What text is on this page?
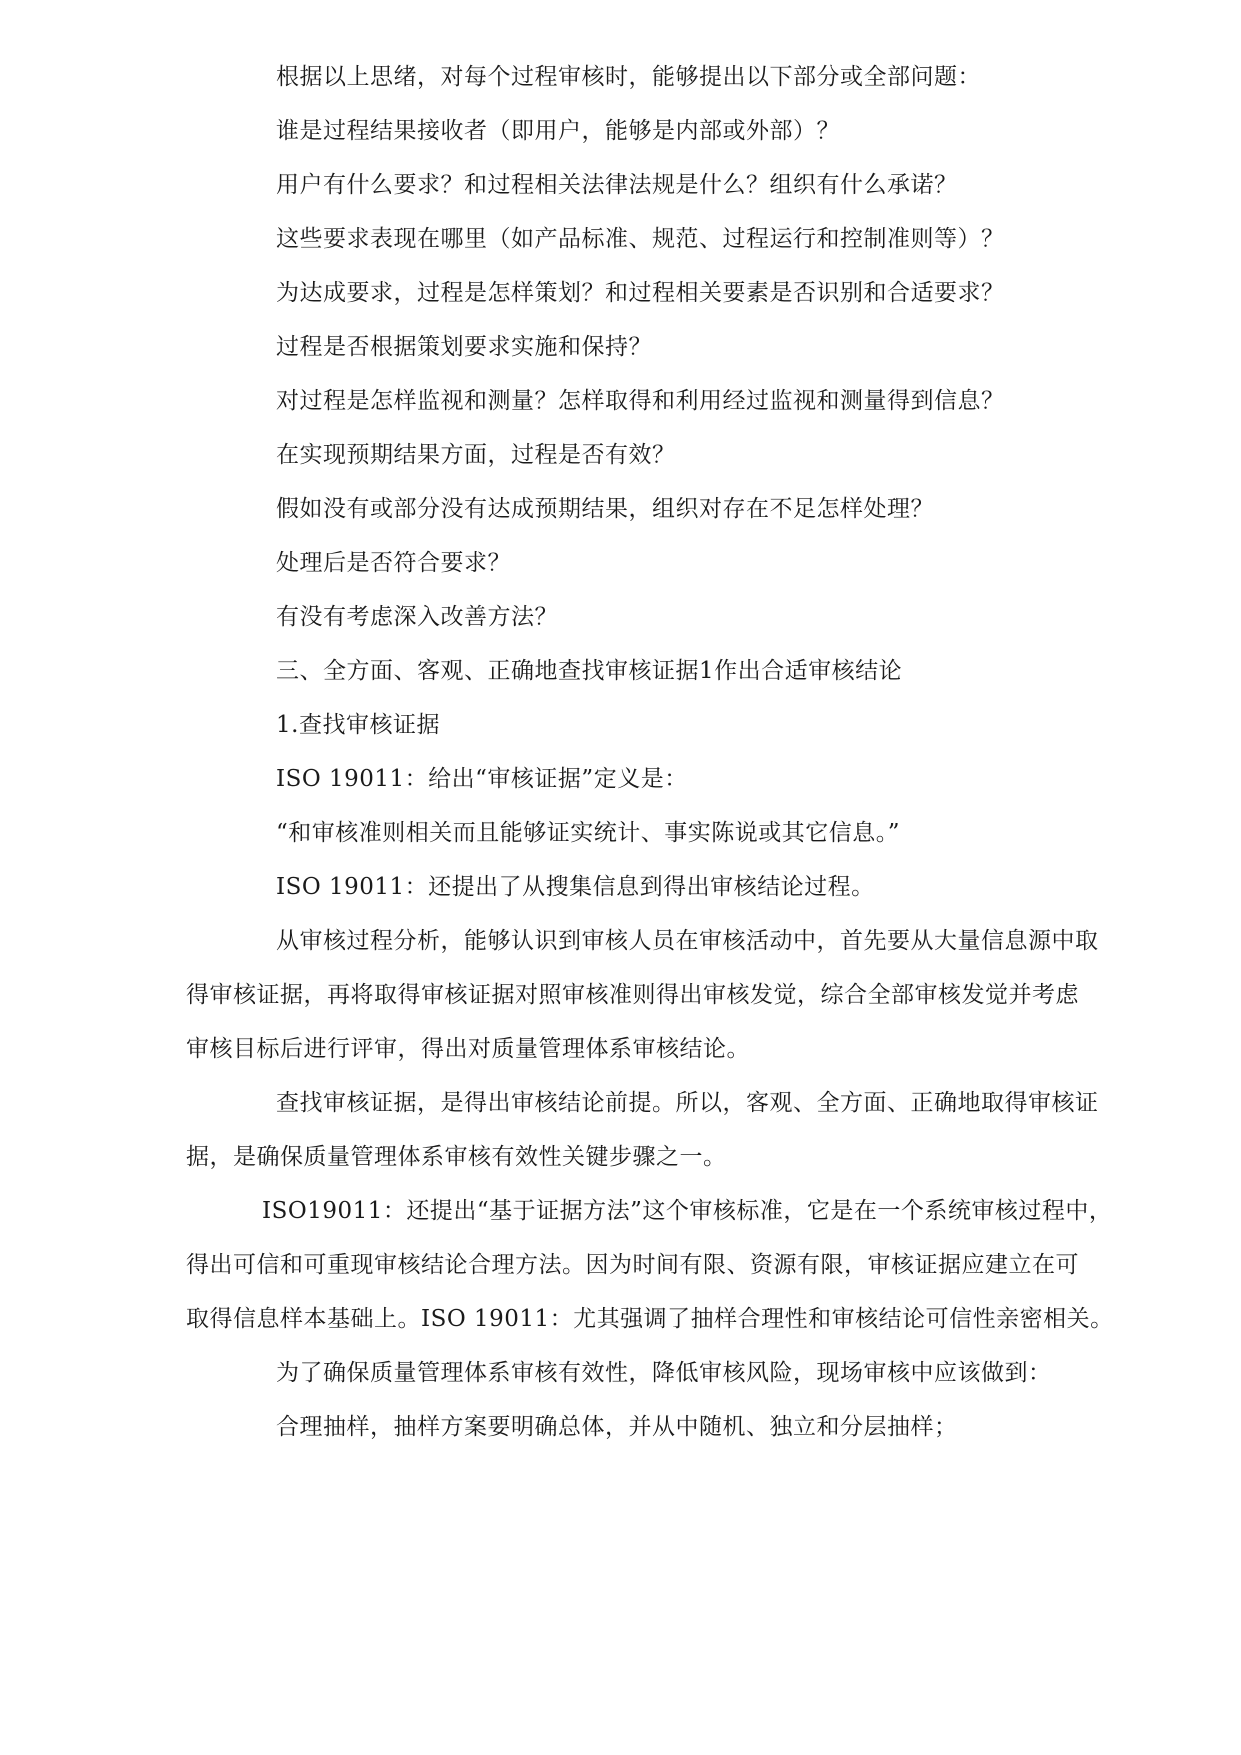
根据以上思绪，对每个过程审核时，能够提出以下部分或全部问题：
谁是过程结果接收者（即用户，能够是内部或外部）？
用户有什么要求？和过程相关法律法规是什么？组织有什么承诺？
这些要求表现在哪里（如产品标准、规范、过程运行和控制准则等）？
为达成要求，过程是怎样策划？和过程相关要素是否识别和合适要求？
过程是否根据策划要求实施和保持？
对过程是怎样监视和测量？怎样取得和利用经过监视和测量得到信息？
在实现预期结果方面，过程是否有效？
假如没有或部分没有达成预期结果，组织对存在不足怎样处理？
处理后是否符合要求？
有没有考虑深入改善方法？
三、全方面、客观、正确地查找审核证据1作出合适审核结论
1.查找审核证据
ISO 19011：给出“审核证据”定义是：
“和审核准则相关而且能够证实统计、事实陈说或其它信息。”
ISO 19011：还提出了从搜集信息到得出审核结论过程。
从审核过程分析，能够认识到审核人员在审核活动中，首先要从大量信息源中取
得审核证据，再将取得审核证据对照审核准则得出审核发觉，综合全部审核发觉并考虑
审核目标后进行评审，得出对质量管理体系审核结论。
查找审核证据，是得出审核结论前提。所以，客观、全方面、正确地取得审核证
据，是确保质量管理体系审核有效性关键步骤之一。
ISO19011：还提出“基于证据方法”这个审核标准，它是在一个系统审核过程中，
得出可信和可重现审核结论合理方法。因为时间有限、资源有限，审核证据应建立在可
取得信息样本基础上。ISO 19011：尤其强调了抽样合理性和审核结论可信性亲密相关。
为了确保质量管理体系审核有效性，降低审核风险，现场审核中应该做到：
合理抽样，抽样方案要明确总体，并从中随机、独立和分层抽样；
